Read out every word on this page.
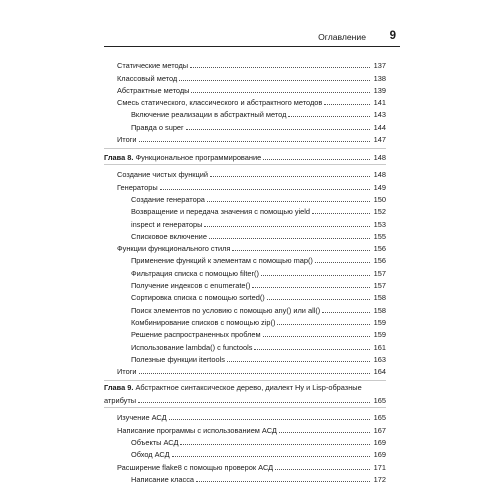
Оглавление 9
Статические методы	137
Классовый метод	138
Абстрактные методы	139
Смесь статического, классического и абстрактного методов	141
Включение реализации в абстрактный метод	143
Правда о super	144
Итоги	147
Глава 8. Функциональное программирование	148
Создание чистых функций	148
Генераторы	149
Создание генератора	150
Возвращение и передача значения с помощью yield	152
inspect и генераторы	153
Списковое включение	155
Функции функционального стиля	156
Применение функций к элементам с помощью map()	156
Фильтрация списка с помощью filter()	157
Получение индексов с enumerate()	157
Сортировка списка с помощью sorted()	158
Поиск элементов по условию с помощью any() или all()	158
Комбинирование списков с помощью zip()	159
Решение распространенных проблем	159
Использование lambda() с functools	161
Полезные функции itertools	163
Итоги	164
Глава 9. Абстрактное синтаксическое дерево, диалект Hy и Lisp-образные
атрибуты	165
Изучение АСД	165
Написание программы с использованием АСД	167
Объекты АСД	169
Обход АСД	169
Расширение flake8 с помощью проверок АСД	171
Написание класса	172
